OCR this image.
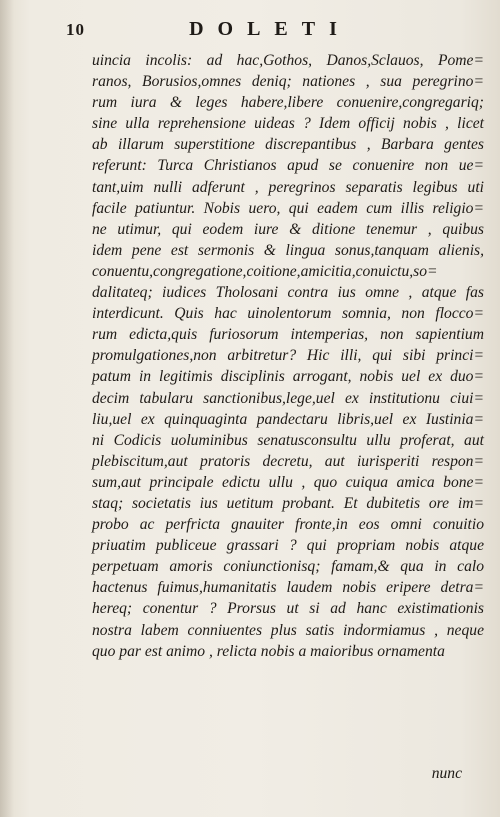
10	DOLETI
uincia incolis: ad hac,Gothos, Danos,Sclauos, Pome=
ranos, Borusios,omnes deniq; nationes , sua peregrino=
rum iura & leges habere,libere conuenire,congregariq;
sine ulla reprehensione uideas ? Idem officij nobis , licet
ab illarum superstitione discrepantibus , Barbara gentes
referunt: Turca Christianos apud se conuenire non ue=
tant,uim nulli adferunt , peregrinos separatis legibus uti
facile patiuntur. Nobis uero, qui eadem cum illis religio=
ne utimur, qui eodem iure & ditione tenemur , quibus
idem pene est sermonis & lingua sonus,tanquam alienis,
conuentu,congregatione,coitione,amicitia,conuictu,so=
dalitateq; iudices Tholosani contra ius omne , atque fas
interdicunt. Quis hac uinolentorum somnia, non flocco=
rum edicta,quis furiosorum intemperias, non sapientium
promulgationes,non arbitretur? Hic illi, qui sibi princi=
patum in legitimis disciplinis arrogant, nobis uel ex duo=
decim tabularu sanctionibus,lege,uel ex institutionu ciui=
liu,uel ex quinquaginta pandectaru libris,uel ex Iustinia=
ni Codicis uoluminibus senatusconsultu ullu proferat, aut
plebiscitum,aut pratoris decretu, aut iurisperiti respon=
sum,aut principale edictu ullu , quo cuiqua amica bone=
staq; societatis ius uetitum probant. Et dubitetis ore im=
probo ac perfricta gnauiter fronte,in eos omni conuitio
priuatim publiceue grassari ? qui propriam nobis atque
perpetuam amoris coniunctionisq; famam,& qua in calo
hactenus fuimus,humanitatis laudem nobis eripere detra=
hereq; conentur ? Prorsus ut si ad hanc existimationis
nostra labem conniuentes plus satis indormiamus , neque
quo par est animo , relicta nobis a maioribus ornamenta
nunc
